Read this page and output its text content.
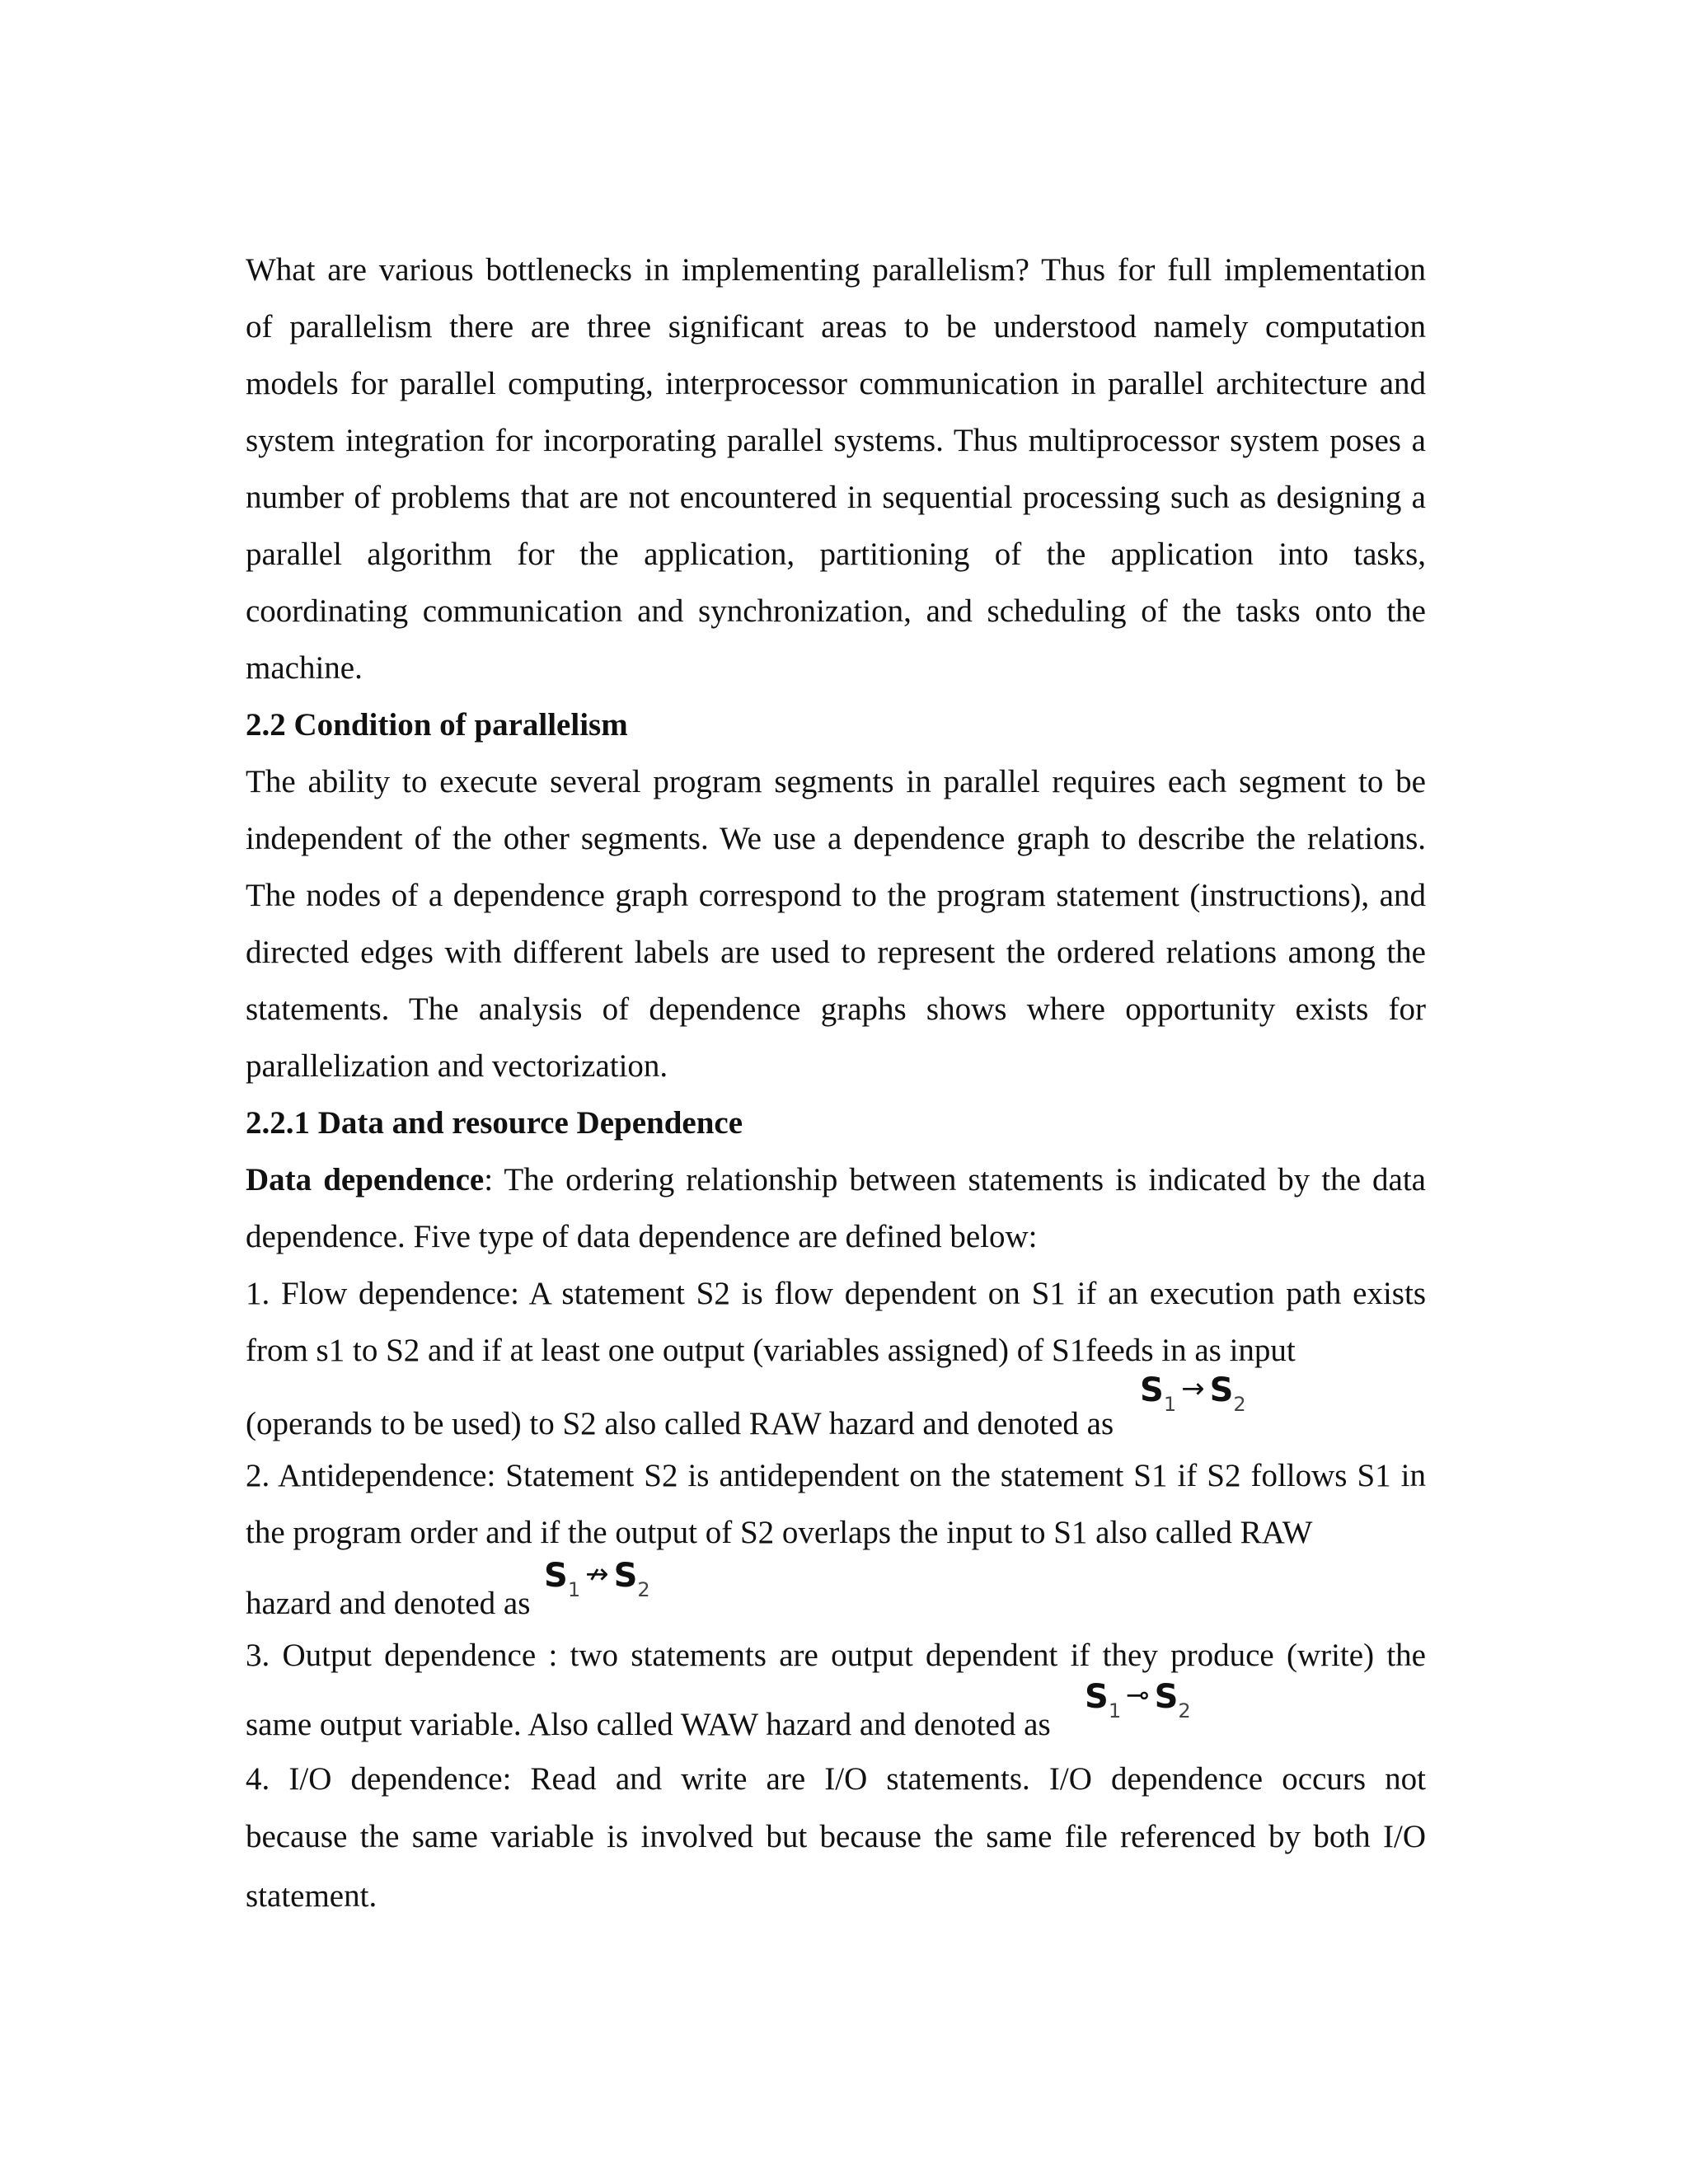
What are various bottlenecks in implementing parallelism? Thus for full implementation
of parallelism there are three significant areas to be understood namely computation
models for parallel computing, interprocessor communication in parallel architecture and
system integration for incorporating parallel systems. Thus multiprocessor system poses a
number of problems that are not encountered in sequential processing such as designing a
parallel algorithm for the application, partitioning of the application into tasks,
coordinating communication and synchronization, and scheduling of the tasks onto the
machine.
2.2 Condition of parallelism
The ability to execute several program segments in parallel requires each segment to be
independent of the other segments. We use a dependence graph to describe the relations.
The nodes of a dependence graph correspond to the program statement (instructions), and
directed edges with different labels are used to represent the ordered relations among the
statements. The analysis of dependence graphs shows where opportunity exists for
parallelization and vectorization.
2.2.1 Data and resource Dependence
Data dependence: The ordering relationship between statements is indicated by the data
dependence. Five type of data dependence are defined below:
1. Flow dependence: A statement S2 is flow dependent on S1 if an execution path exists
from s1 to S2 and if at least one output (variables assigned) of S1feeds in as input
(operands to be used) to S2 also called RAW hazard and denoted as
$S_1 \to S_2$
2. Antidependence: Statement S2 is antidependent on the statement S1 if S2 follows S1 in
the program order and if the output of S2 overlaps the input to S1 also called RAW
hazard and denoted as
$S_1$ ↛ $S_2$
3. Output dependence : two statements are output dependent if they produce (write) the
same output variable. Also called WAW hazard and denoted as
$S_1$ ⊸ $S_2$
4. I/O dependence: Read and write are I/O statements. I/O dependence occurs not
because the same variable is involved but because the same file referenced by both I/O
statement.
